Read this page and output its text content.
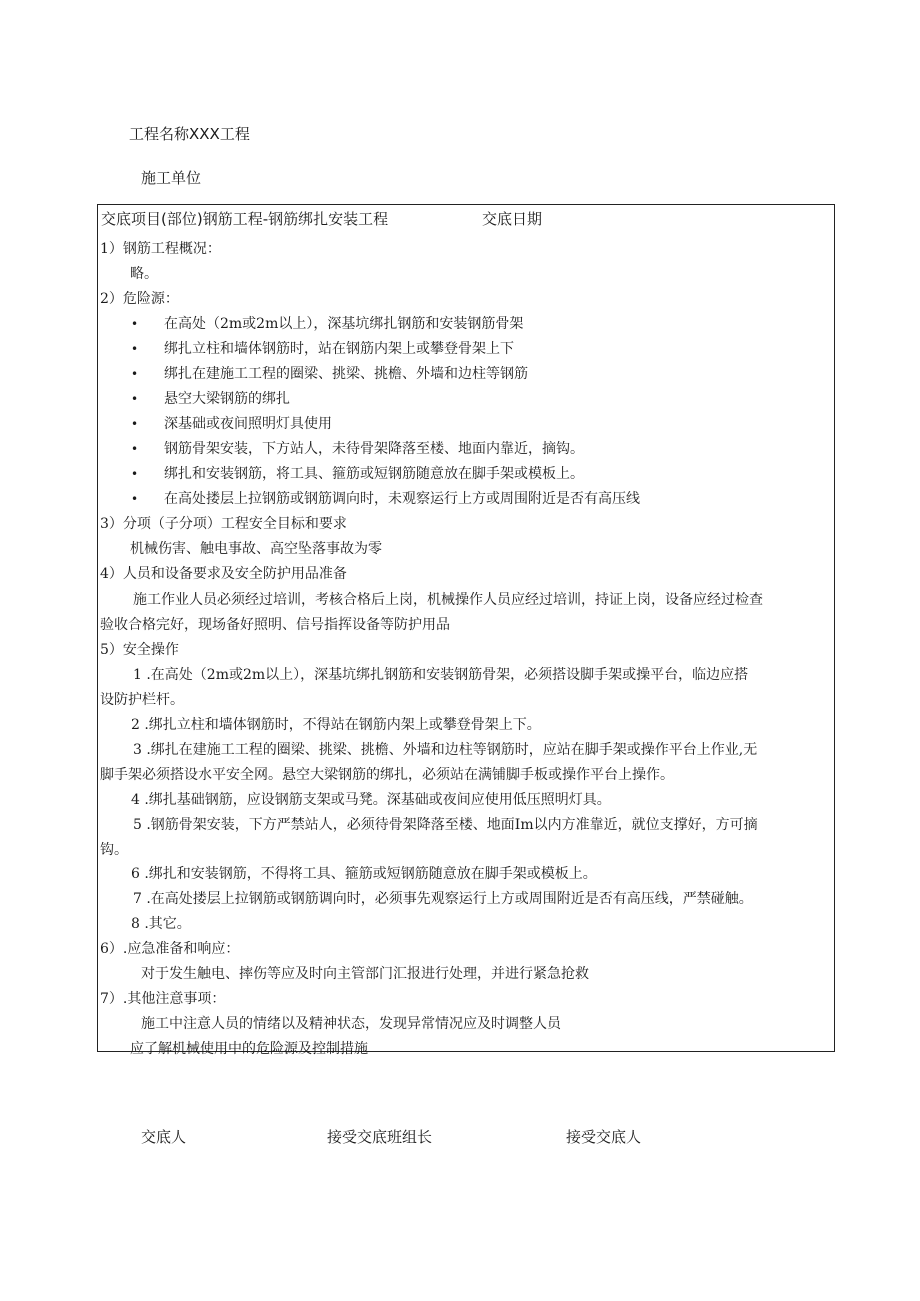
工程名称XXX工程
施工单位
交底项目(部位)钢筋工程-钢筋绑扎安装工程	交底日期
1）钢筋工程概况：
略。
2）危险源：
• 在高处（2m或2m以上），深基坑绑扎钢筋和安装钢筋骨架
• 绑扎立柱和墙体钢筋时，站在钢筋内架上或攀登骨架上下
• 绑扎在建施工工程的圈梁、挑梁、挑檐、外墙和边柱等钢筋
• 悬空大梁钢筋的绑扎
• 深基础或夜间照明灯具使用
• 钢筋骨架安装，下方站人，未待骨架降落至楼、地面内靠近，摘钩。
• 绑扎和安装钢筋，将工具、箍筋或短钢筋随意放在脚手架或模板上。
• 在高处搂层上拉钢筋或钢筋调向时，未观察运行上方或周围附近是否有高压线
3）分项（子分项）工程安全目标和要求
机械伤害、触电事故、高空坠落事故为零
4）人员和设备要求及安全防护用品准备
施工作业人员必须经过培训，考核合格后上岗，机械操作人员应经过培训，持证上岗，设备应经过检查
验收合格完好，现场备好照明、信号指挥设备等防护用品
5）安全操作
1 .在高处（2m或2m以上），深基坑绑扎钢筋和安装钢筋骨架，必须搭设脚手架或操平台，临边应搭
设防护栏杆。
2 .绑扎立柱和墙体钢筋时，不得站在钢筋内架上或攀登骨架上下。
3 .绑扎在建施工工程的圈梁、挑梁、挑檐、外墙和边柱等钢筋时，应站在脚手架或操作平台上作业,无
脚手架必须搭设水平安全网。悬空大梁钢筋的绑扎，必须站在满铺脚手板或操作平台上操作。
4 .绑扎基础钢筋，应设钢筋支架或马凳。深基础或夜间应使用低压照明灯具。
5 .钢筋骨架安装，下方严禁站人，必须待骨架降落至楼、地面Im以内方准靠近，就位支撑好，方可摘
钩。
6 .绑扎和安装钢筋，不得将工具、箍筋或短钢筋随意放在脚手架或模板上。
7 .在高处搂层上拉钢筋或钢筋调向时，必须事先观察运行上方或周围附近是否有高压线，严禁碰触。
8 .其它。
6）.应急准备和响应：
对于发生触电、摔伤等应及时向主管部门汇报进行处理，并进行紧急抢救
7）.其他注意事项：
施工中注意人员的情绪以及精神状态，发现异常情况应及时调整人员
应了解机械使用中的危险源及控制措施
交底人	接受交底班组长	接受交底人
